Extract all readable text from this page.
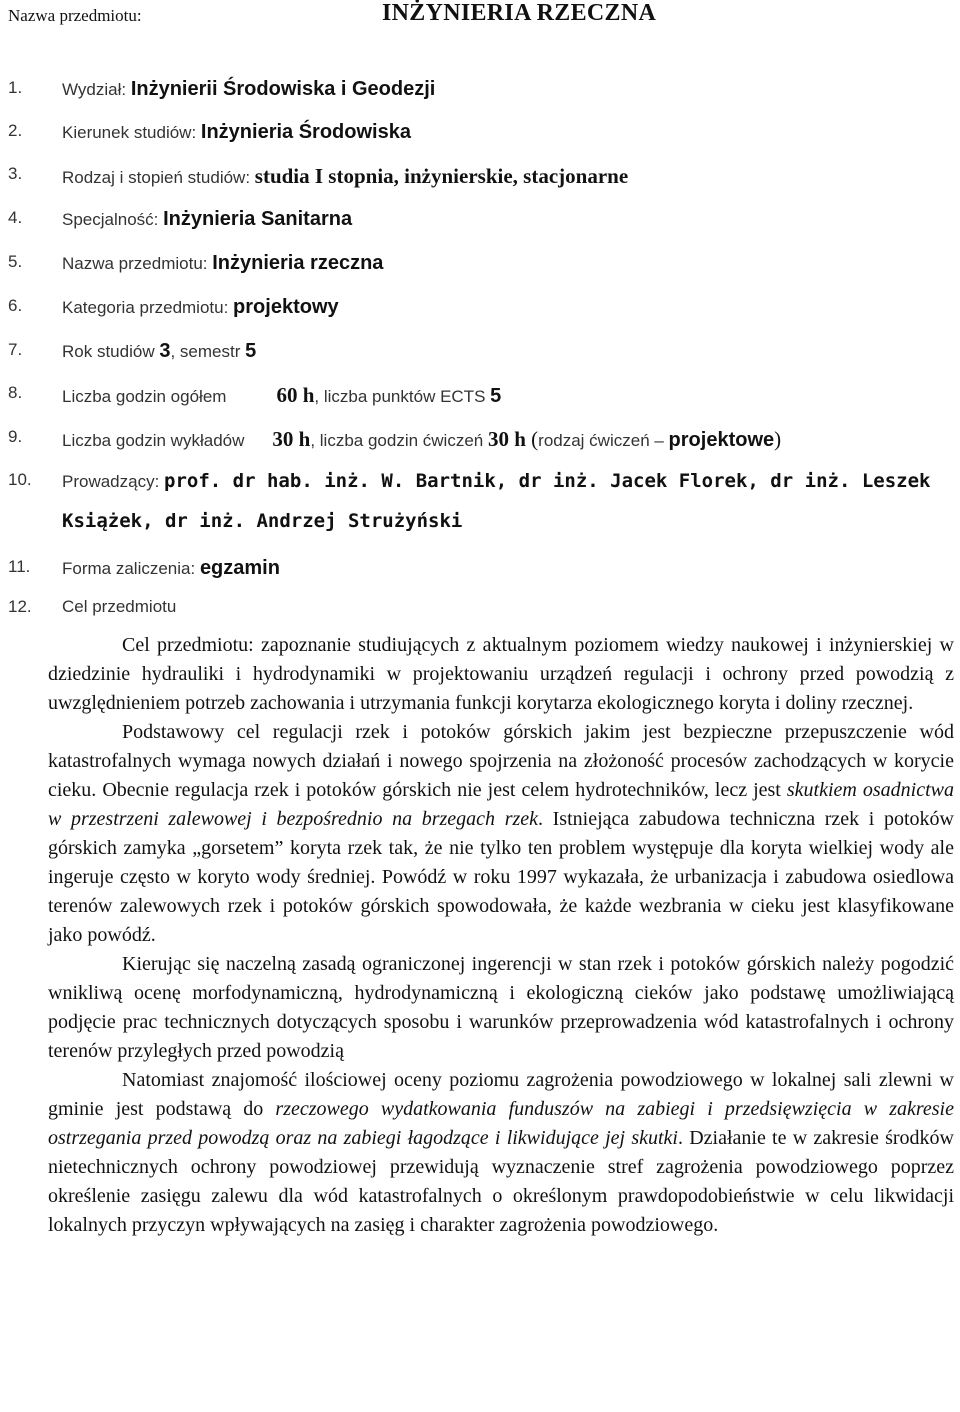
Nazwa przedmiotu:	INŻYNIERIA RZECZNA
1. Wydział: Inżynierii Środowiska i Geodezji
2. Kierunek studiów: Inżynieria Środowiska
3. Rodzaj i stopień studiów: studia I stopnia, inżynierskie, stacjonarne
4. Specjalność: Inżynieria Sanitarna
5. Nazwa przedmiotu: Inżynieria rzeczna
6. Kategoria przedmiotu: projektowy
7. Rok studiów 3, semestr 5
8. Liczba godzin ogółem 60 h, liczba punktów ECTS 5
9. Liczba godzin wykładów 30 h, liczba godzin ćwiczeń 30 h (rodzaj ćwiczeń – projektowe)
10. Prowadzący: prof. dr hab. inż. W. Bartnik, dr inż. Jacek Florek, dr inż. Leszek
Książek, dr inż. Andrzej Strużyński
11. Forma zaliczenia: egzamin
12. Cel przedmiotu

Cel przedmiotu: zapoznanie studiujących z aktualnym poziomem wiedzy naukowej i inżynierskiej w dziedzinie hydrauliki i hydrodynamiki w projektowaniu urządzeń regulacji i ochrony przed powodzią z uwzględnieniem potrzeb zachowania i utrzymania funkcji korytarza ekologicznego koryta i doliny rzecznej.

Podstawowy cel regulacji rzek i potoków górskich jakim jest bezpieczne przepuszczenie wód katastrofalnych wymaga nowych działań i nowego spojrzenia na złożoność procesów zachodzących w korycie cieku. Obecnie regulacja rzek i potoków górskich nie jest celem hydrotechników, lecz jest skutkiem osadnictwa w przestrzeni zalewowej i bezpośrednio na brzegach rzek. Istniejąca zabudowa techniczna rzek i potoków górskich zamyka „gorsetem” koryta rzek tak, że nie tylko ten problem występuje dla koryta wielkiej wody ale ingeruje często w koryto wody średniej. Powódź w roku 1997 wykazała, że urbanizacja i zabudowa osiedlowa terenów zalewowych rzek i potoków górskich spowodowała, że każde wezbrania w cieku jest klasyfikowane jako powódź.

Kierując się naczelną zasadą ograniczonej ingerencji w stan rzek i potoków górskich należy pogodzić wnikliwą ocenę morfodynamiczną, hydrodynamiczną i ekologiczną cieków jako podstawę umożliwiającą podjęcie prac technicznych dotyczących sposobu i warunków przeprowadzenia wód katastrofalnych i ochrony terenów przyległych przed powodzią

Natomiast znajomość ilościowej oceny poziomu zagrożenia powodziowego w lokalnej sali zlewni w gminie jest podstawą do rzeczowego wydatkowania funduszów na zabiegi i przedsięwzięcia w zakresie ostrzegania przed powodzą oraz na zabiegi łagodzące i likwidujące jej skutki. Działanie te w zakresie środków nietechnicznych ochrony powodziowej przewidują wyznaczenie stref zagrożenia powodziowego poprzez określenie zasięgu zalewu dla wód katastrofalnych o określonym prawdopodobieństwie w celu likwidacji lokalnych przyczyn wpływających na zasięg i charakter zagrożenia powodziowego.
